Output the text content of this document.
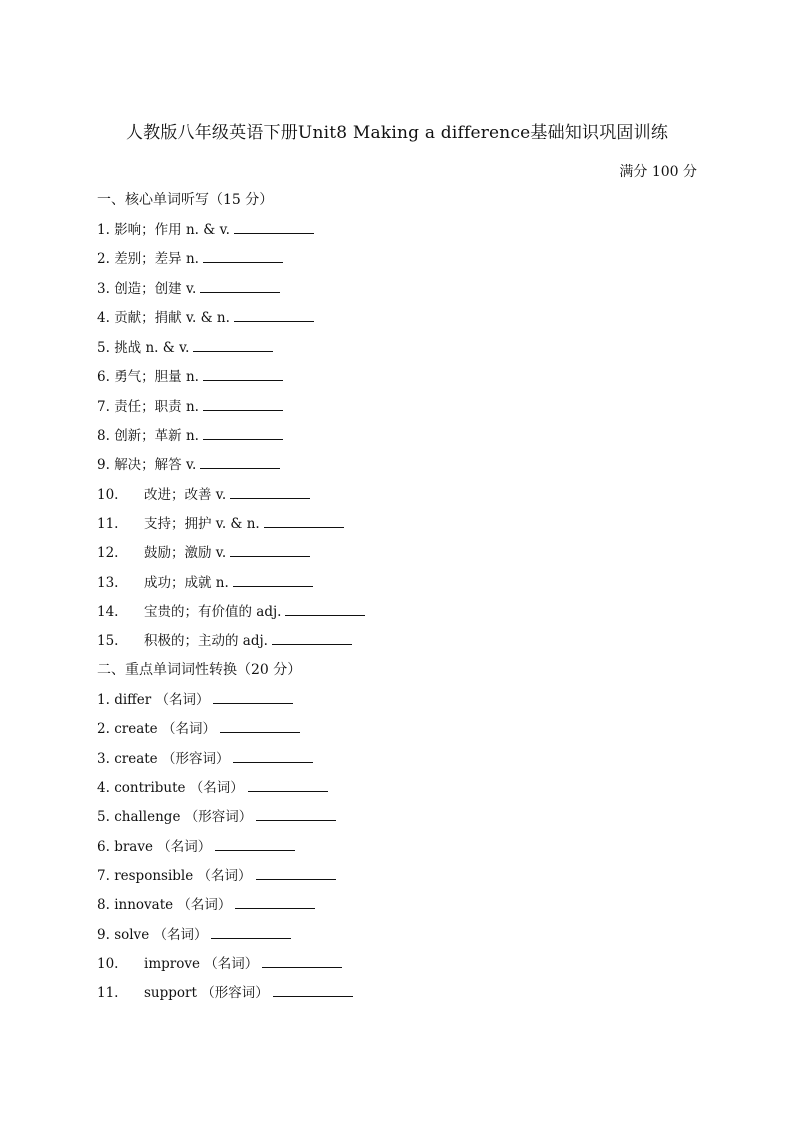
人教版八年级英语下册Unit8 Making a difference基础知识巩固训练
满分 100 分
一、核心单词听写（15 分）
1. 影响；作用 n. & v.
2. 差别；差异 n.
3. 创造；创建 v.
4. 贡献；捐献 v. & n.
5. 挑战 n. & v.
6. 勇气；胆量 n.
7. 责任；职责 n.
8. 创新；革新 n.
9. 解决；解答 v.
10. 改进；改善 v.
11. 支持；拥护 v. & n.
12. 鼓励；激励 v.
13. 成功；成就 n.
14. 宝贵的；有价值的 adj.
15. 积极的；主动的 adj.
二、重点单词词性转换（20 分）
1. differ （名词）
2. create （名词）
3. create （形容词）
4. contribute （名词）
5. challenge （形容词）
6. brave （名词）
7. responsible （名词）
8. innovate （名词）
9. solve （名词）
10. improve （名词）
11. support （形容词）
